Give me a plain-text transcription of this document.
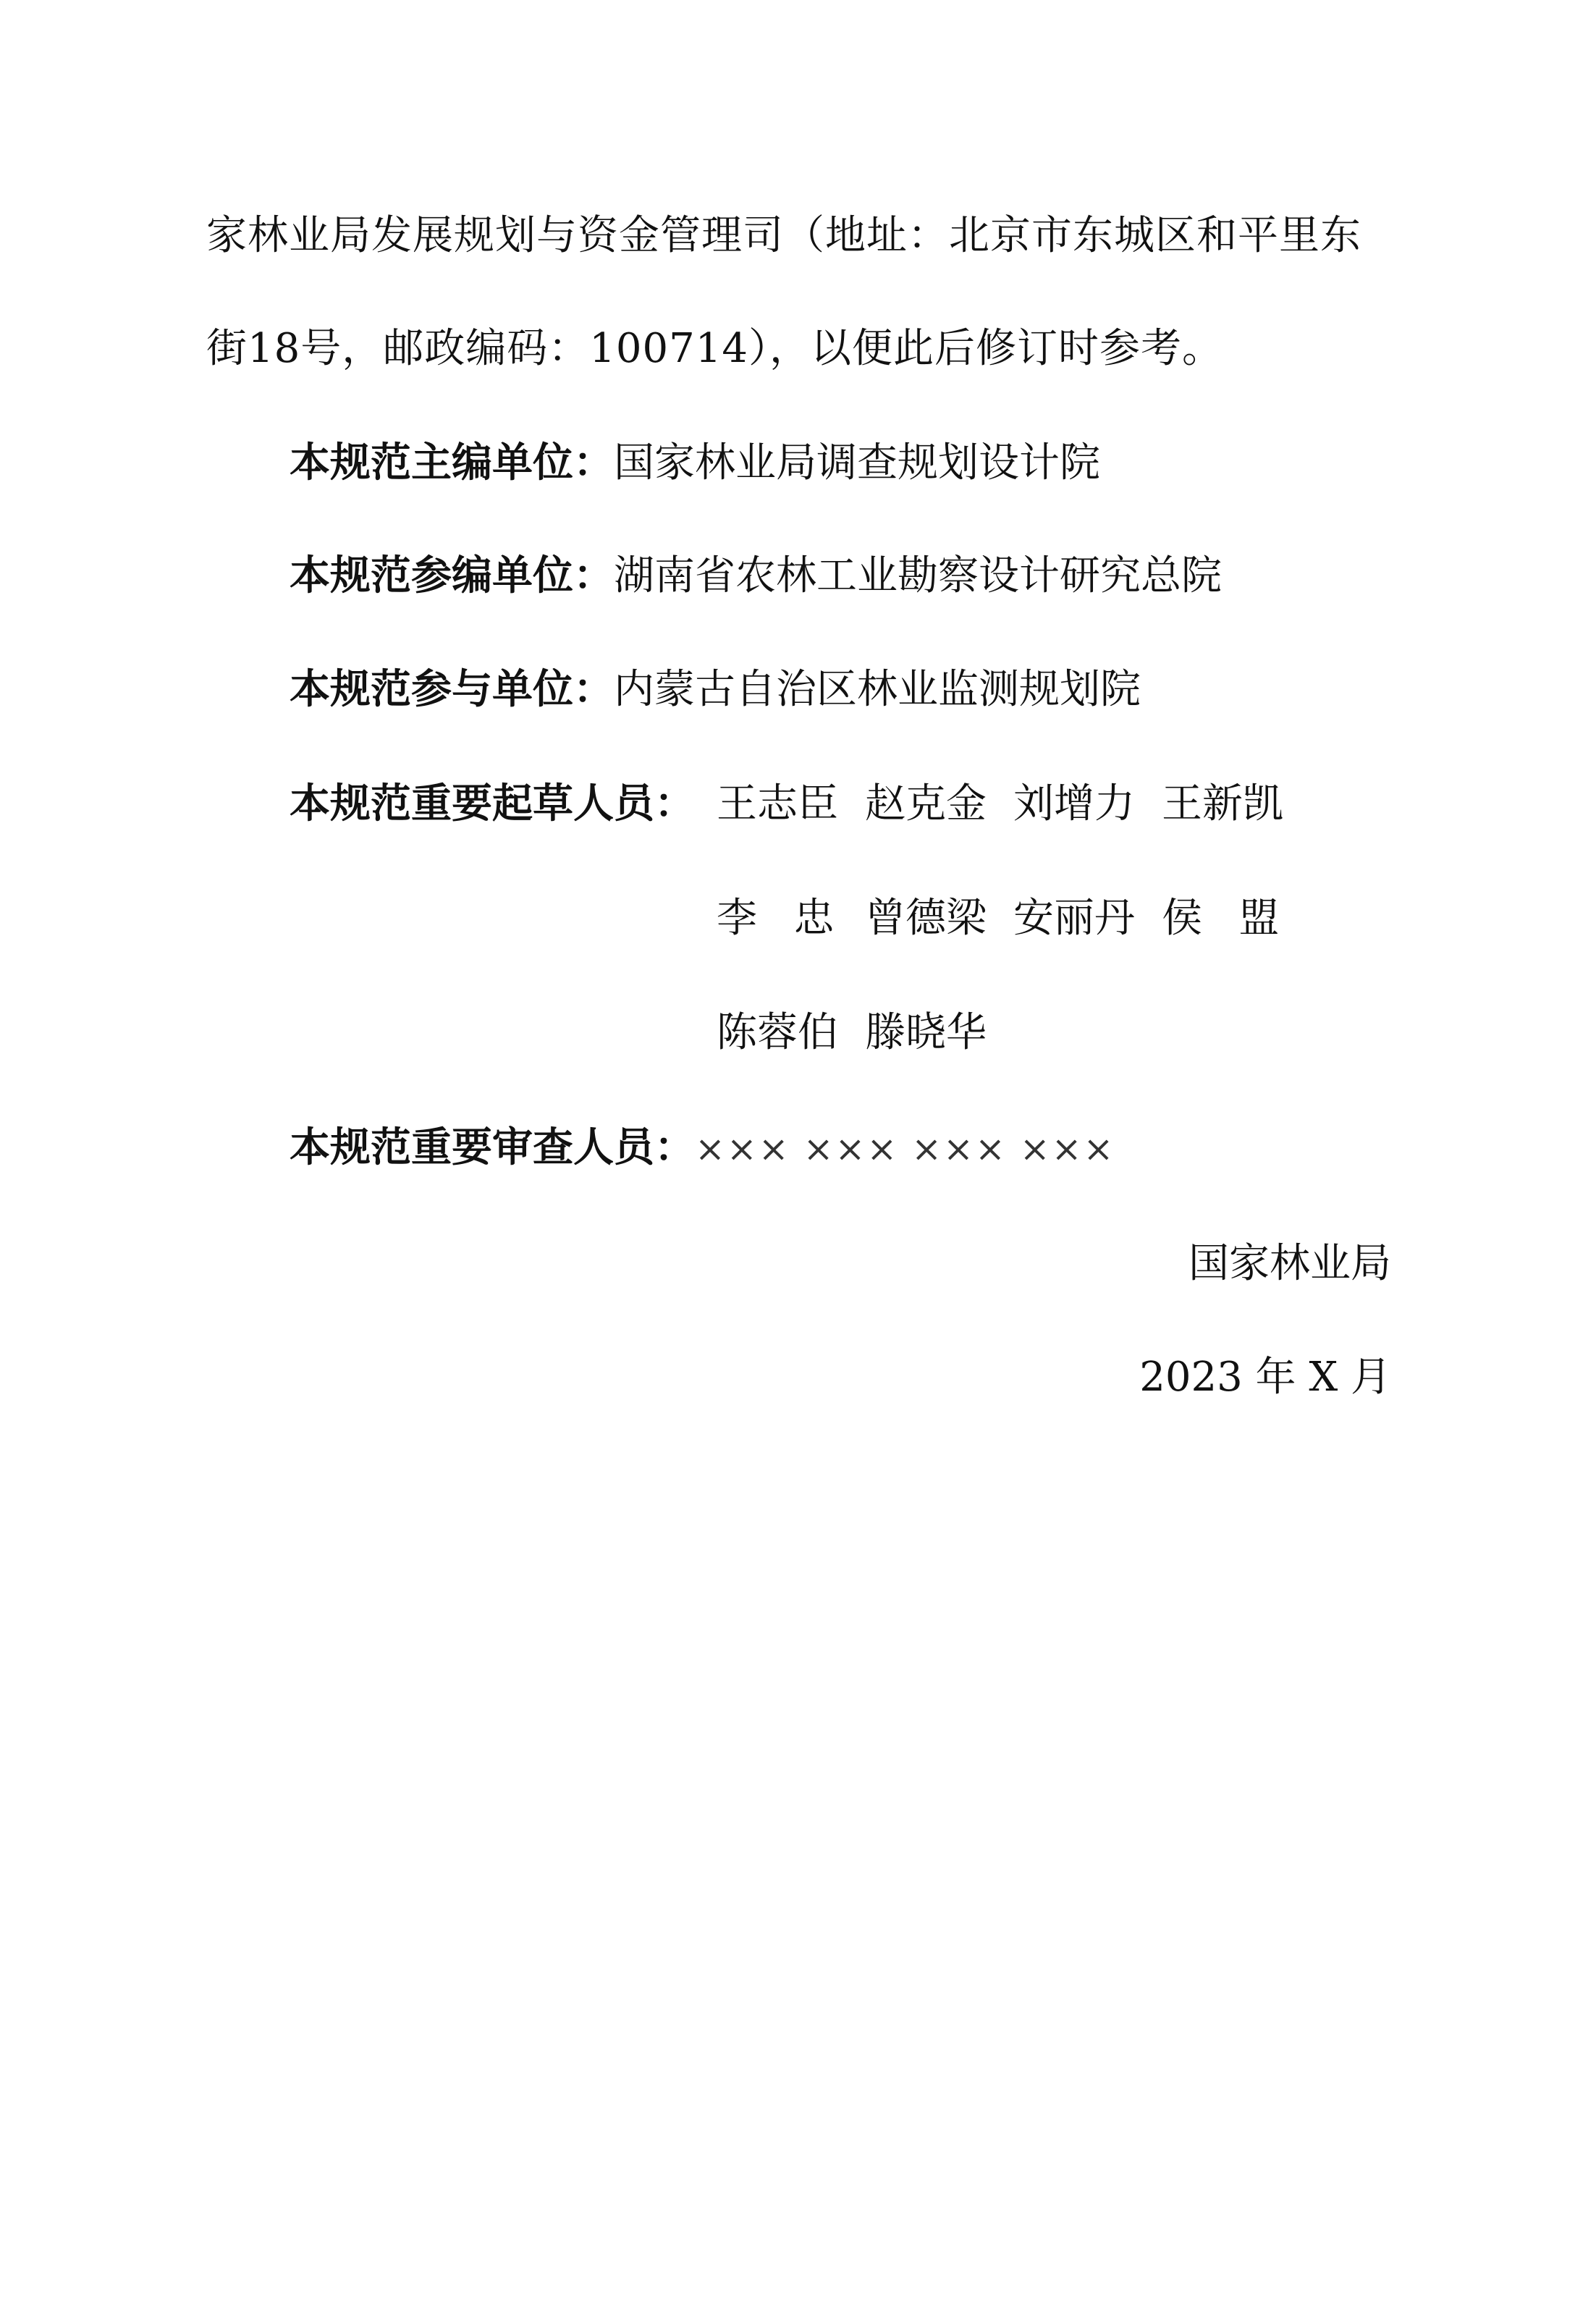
家林业局发展规划与资金管理司（地址：北京市东城区和平里东
街18号，邮政编码：100714），以便此后修订时参考。
本规范主编单位：国家林业局调查规划设计院
本规范参编单位：湖南省农林工业勘察设计研究总院
本规范参与单位：内蒙古自治区林业监测规划院
本规范重要起草人员： 王志臣 赵克金 刘增力 王新凯
李忠曾德梁 安丽丹 侯盟
陈蓉伯 滕晓华
本规范重要审查人员：××× ××× ××× ×××
国家林业局
2023 年 X 月
